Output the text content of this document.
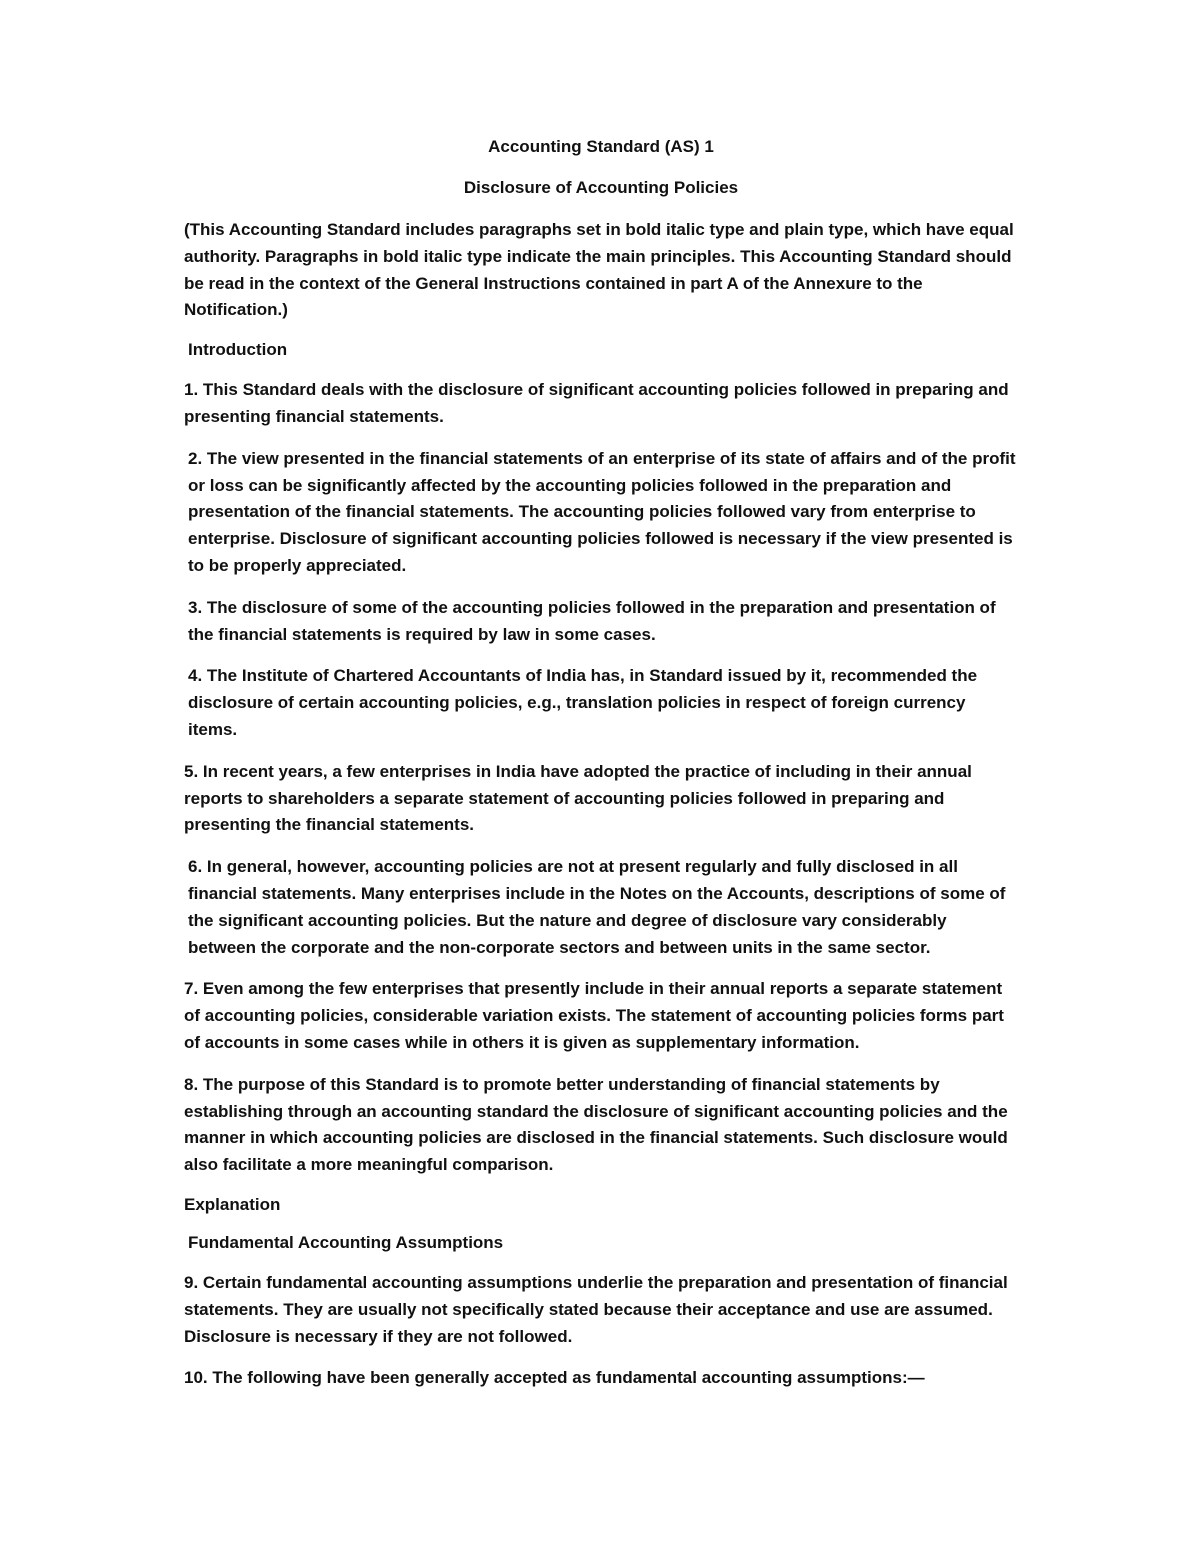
Accounting Standard (AS) 1
Disclosure of Accounting Policies

(This Accounting Standard includes paragraphs set in bold italic type and plain type, which have equal authority. Paragraphs in bold italic type indicate the main principles. This Accounting Standard should be read in the context of the General Instructions contained in part A of the Annexure to the Notification.)

Introduction

1. This Standard deals with the disclosure of significant accounting policies followed in preparing and presenting financial statements.

2. The view presented in the financial statements of an enterprise of its state of affairs and of the profit or loss can be significantly affected by the accounting policies followed in the preparation and presentation of the financial statements. The accounting policies followed vary from enterprise to enterprise. Disclosure of significant accounting policies followed is necessary if the view presented is to be properly appreciated.

3. The disclosure of some of the accounting policies followed in the preparation and presentation of the financial statements is required by law in some cases.

4. The Institute of Chartered Accountants of India has, in Standard issued by it, recommended the disclosure of certain accounting policies, e.g., translation policies in respect of foreign currency items.

5. In recent years, a few enterprises in India have adopted the practice of including in their annual reports to shareholders a separate statement of accounting policies followed in preparing and presenting the financial statements.

6. In general, however, accounting policies are not at present regularly and fully disclosed in all financial statements. Many enterprises include in the Notes on the Accounts, descriptions of some of the significant accounting policies. But the nature and degree of disclosure vary considerably between the corporate and the non-corporate sectors and between units in the same sector.

7. Even among the few enterprises that presently include in their annual reports a separate statement of accounting policies, considerable variation exists. The statement of accounting policies forms part of accounts in some cases while in others it is given as supplementary information.

8. The purpose of this Standard is to promote better understanding of financial statements by establishing through an accounting standard the disclosure of significant accounting policies and the manner in which accounting policies are disclosed in the financial statements. Such disclosure would also facilitate a more meaningful comparison.

Explanation
Fundamental Accounting Assumptions

9. Certain fundamental accounting assumptions underlie the preparation and presentation of financial statements. They are usually not specifically stated because their acceptance and use are assumed. Disclosure is necessary if they are not followed.

10. The following have been generally accepted as fundamental accounting assumptions:—
